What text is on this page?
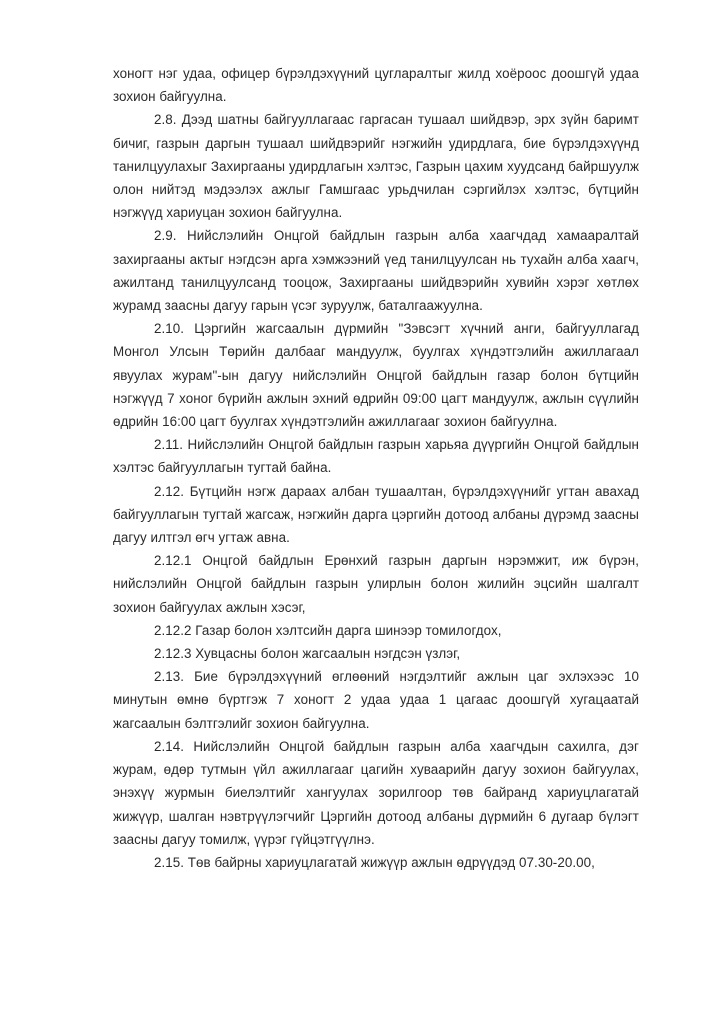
хоногт нэг удаа, офицер бүрэлдэхүүний цугларалтыг жилд хоёроос доошгүй удаа зохион байгуулна.

2.8. Дээд шатны байгууллагаас гаргасан тушаал шийдвэр, эрх зүйн баримт бичиг, газрын даргын тушаал шийдвэрийг нэгжийн удирдлага, бие бүрэлдэхүүнд танилцуулахыг Захиргааны удирдлагын хэлтэс, Газрын цахим хуудсанд байршуулж олон нийтэд мэдээлэх ажлыг Гамшгаас урьдчилан сэргийлэх хэлтэс, бүтцийн нэгжүүд хариуцан зохион байгуулна.

2.9. Нийслэлийн Онцгой байдлын газрын алба хаагчдад хамааралтай захиргааны актыг нэгдсэн арга хэмжээний үед танилцуулсан нь тухайн алба хаагч, ажилтанд танилцуулсанд тооцож, Захиргааны шийдвэрийн хувийн хэрэг хөтлөх журамд заасны дагуу гарын үсэг зуруулж, баталгаажуулна.

2.10. Цэргийн жагсаалын дүрмийн "Зэвсэгт хүчний анги, байгууллагад Монгол Улсын Төрийн далбааг мандуулж, буулгах хүндэтгэлийн ажиллагаал явуулах журам"-ын дагуу нийслэлийн Онцгой байдлын газар болон бүтцийн нэгжүүд 7 хоног бүрийн ажлын эхний өдрийн 09:00 цагт мандуулж, ажлын сүүлийн өдрийн 16:00 цагт буулгах хүндэтгэлийн ажиллагааг зохион байгуулна.

2.11. Нийслэлийн Онцгой байдлын газрын харьяа дүүргийн Онцгой байдлын хэлтэс байгууллагын тугтай байна.

2.12. Бүтцийн нэгж дараах албан тушаалтан, бүрэлдэхүүнийг угтан авахад байгууллагын тугтай жагсаж, нэгжийн дарга цэргийн дотоод албаны дүрэмд заасны дагуу илтгэл өгч угтаж авна.

2.12.1 Онцгой байдлын Ерөнхий газрын даргын нэрэмжит, иж бүрэн, нийслэлийн Онцгой байдлын газрын улирлын болон жилийн эцсийн шалгалт зохион байгуулах ажлын хэсэг,

2.12.2 Газар болон хэлтсийн дарга шинээр томилогдох,

2.12.3 Хувцасны болон жагсаалын нэгдсэн үзлэг,

2.13. Бие бүрэлдэхүүний өглөөний нэгдэлтийг ажлын цаг эхлэхээс 10 минутын өмнө бүртгэж 7 хоногт 2 удаа удаа 1 цагаас доошгүй хугацаатай жагсаалын бэлтгэлийг зохион байгуулна.

2.14. Нийслэлийн Онцгой байдлын газрын алба хаагчдын сахилга, дэг журам, өдөр тутмын үйл ажиллагааг цагийн хуваарийн дагуу зохион байгуулах, энэхүү журмын биелэлтийг хангуулах зорилгоор төв байранд хариуцлагатай жижүүр, шалган нэвтрүүлэгчийг Цэргийн дотоод албаны дүрмийн 6 дугаар бүлэгт заасны дагуу томилж, үүрэг гүйцэтгүүлнэ.

2.15. Төв байрны хариуцлагатай жижүүр ажлын өдрүүдэд 07.30-20.00,
